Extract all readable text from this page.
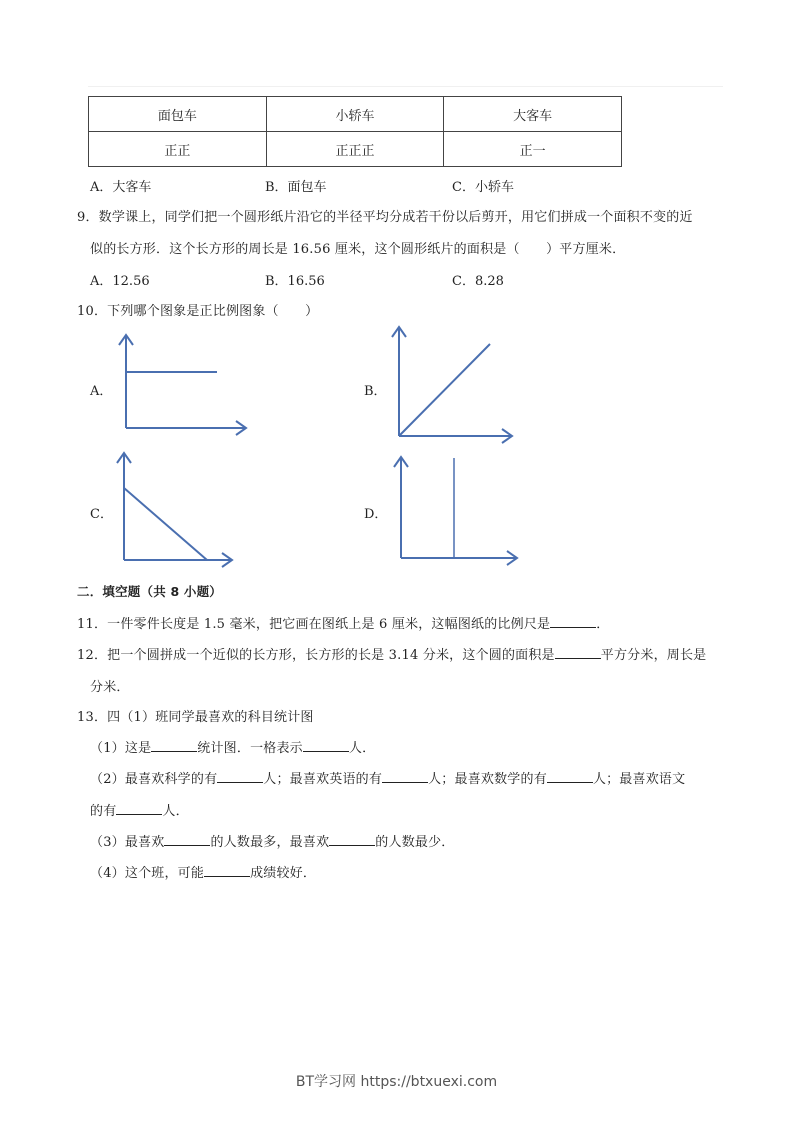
面包车	小轿车	大客车
正正	正正正	正一
A．大客车	B．面包车	C．小轿车
9．数学课上，同学们把一个圆形纸片沿它的半径平均分成若干份以后剪开，用它们拼成一个面积不变的近
似的长方形．这个长方形的周长是 16.56 厘米，这个圆形纸片的面积是（　　）平方厘米．
A．12.56	B．16.56	C．8.28
10．下列哪个图象是正比例图象（　　）
A．	B．
C．	D．
二．填空题（共 8 小题）
11．一件零件长度是 1.5 毫米，把它画在图纸上是 6 厘米，这幅图纸的比例尺是	．
12．把一个圆拼成一个近似的长方形，长方形的长是 3.14 分米，这个圆的面积是	平方分米，周长是
分米．
13．四（1）班同学最喜欢的科目统计图
（1）这是	统计图．一格表示	人．
（2）最喜欢科学的有	人；最喜欢英语的有	人；最喜欢数学的有	人；最喜欢语文
的有	人．
（3）最喜欢	的人数最多，最喜欢	的人数最少．
（4）这个班，可能	成绩较好．
BT学习网 https://btxuexi.com
